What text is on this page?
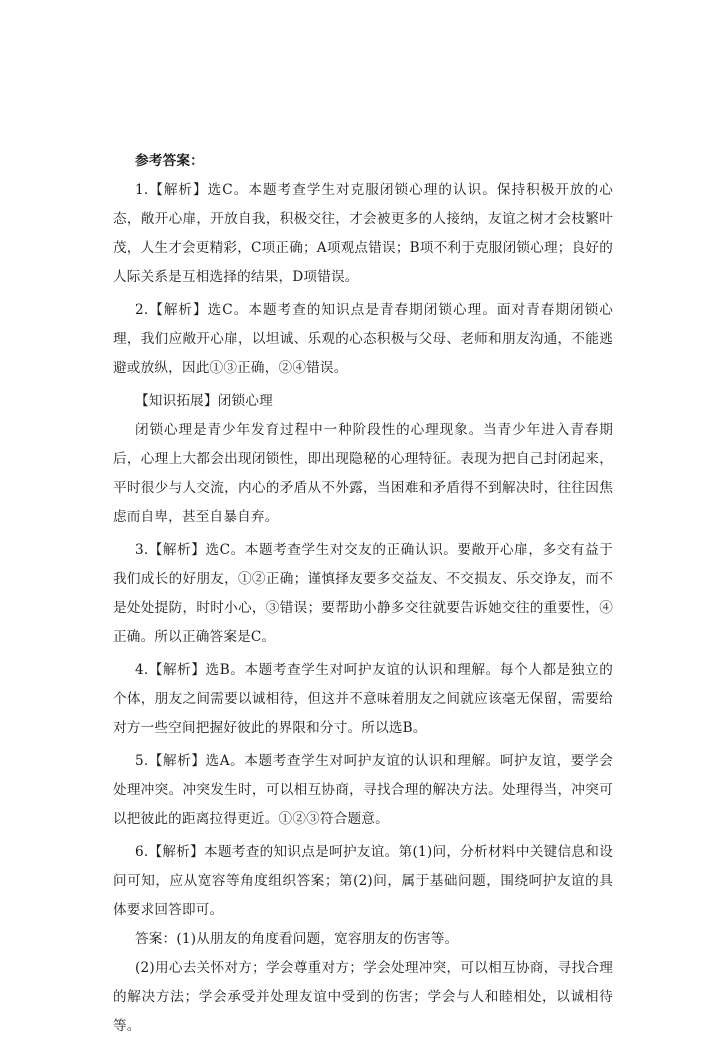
参考答案：

1.【解析】选C。本题考查学生对克服闭锁心理的认识。保持积极开放的心态，敞开心扉，开放自我，积极交往，才会被更多的人接纳，友谊之树才会枝繁叶茂，人生才会更精彩，C项正确；A项观点错误；B项不利于克服闭锁心理；良好的人际关系是互相选择的结果，D项错误。

2.【解析】选C。本题考查的知识点是青春期闭锁心理。面对青春期闭锁心理，我们应敞开心扉，以坦诚、乐观的心态积极与父母、老师和朋友沟通，不能逃避或放纵，因此①③正确，②④错误。

【知识拓展】闭锁心理

闭锁心理是青少年发育过程中一种阶段性的心理现象。当青少年进入青春期后，心理上大都会出现闭锁性，即出现隐秘的心理特征。表现为把自己封闭起来，平时很少与人交流，内心的矛盾从不外露，当困难和矛盾得不到解决时，往往因焦虑而自卑，甚至自暴自弃。

3.【解析】选C。本题考查学生对交友的正确认识。要敞开心扉，多交有益于我们成长的好朋友，①②正确；谨慎择友要多交益友、不交损友、乐交诤友，而不是处处提防，时时小心，③错误；要帮助小静多交往就要告诉她交往的重要性，④正确。所以正确答案是C。

4.【解析】选B。本题考查学生对呵护友谊的认识和理解。每个人都是独立的个体，朋友之间需要以诚相待，但这并不意味着朋友之间就应该毫无保留，需要给对方一些空间把握好彼此的界限和分寸。所以选B。

5.【解析】选A。本题考查学生对呵护友谊的认识和理解。呵护友谊，要学会处理冲突。冲突发生时，可以相互协商，寻找合理的解决方法。处理得当，冲突可以把彼此的距离拉得更近。①②③符合题意。

6.【解析】本题考查的知识点是呵护友谊。第(1)问，分析材料中关键信息和设问可知，应从宽容等角度组织答案；第(2)问，属于基础问题，围绕呵护友谊的具体要求回答即可。

答案：(1)从朋友的角度看问题，宽容朋友的伤害等。

(2)用心去关怀对方；学会尊重对方；学会处理冲突，可以相互协商，寻找合理的解决方法；学会承受并处理友谊中受到的伤害；学会与人和睦相处，以诚相待等。
